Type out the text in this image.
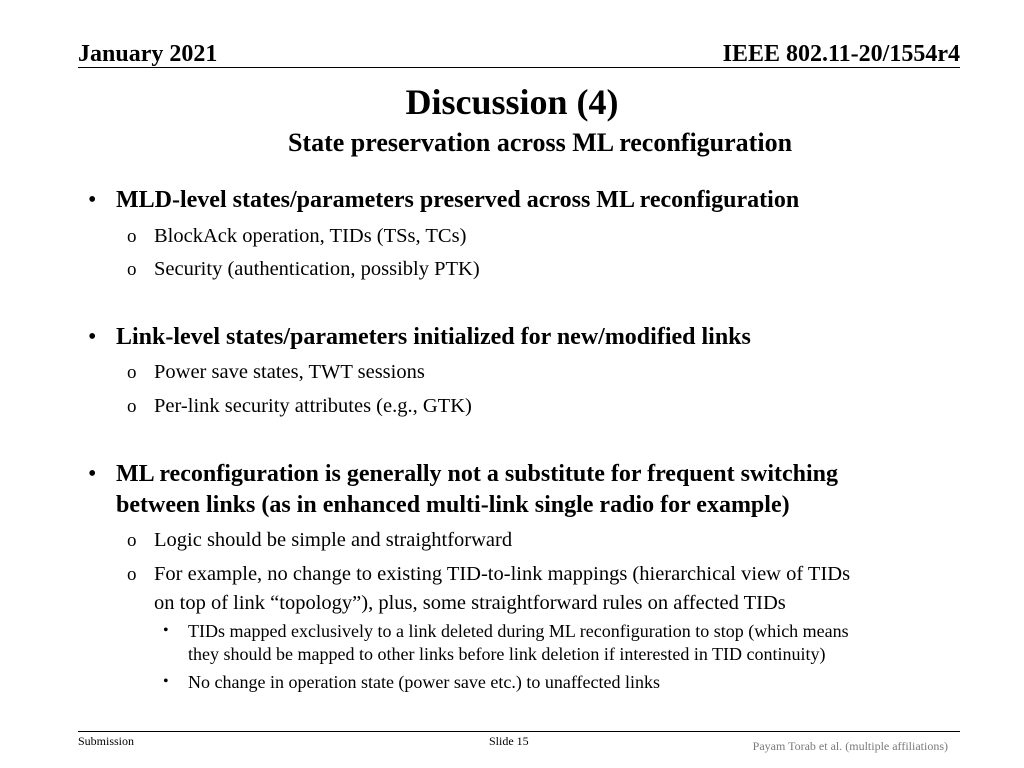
January 2021	IEEE 802.11-20/1554r4
Discussion (4)
State preservation across ML reconfiguration
• MLD-level states/parameters preserved across ML reconfiguration
o BlockAck operation, TIDs (TSs, TCs)
o Security (authentication, possibly PTK)
• Link-level states/parameters initialized for new/modified links
o Power save states, TWT sessions
o Per-link security attributes (e.g., GTK)
• ML reconfiguration is generally not a substitute for frequent switching
between links (as in enhanced multi-link single radio for example)
o Logic should be simple and straightforward
o For example, no change to existing TID-to-link mappings (hierarchical view of TIDs
on top of link “topology”), plus, some straightforward rules on affected TIDs
• TIDs mapped exclusively to a link deleted during ML reconfiguration to stop (which means
they should be mapped to other links before link deletion if interested in TID continuity)
• No change in operation state (power save etc.) to unaffected links
Submission	Slide 15	Payam Torab et al. (multiple affiliations)
